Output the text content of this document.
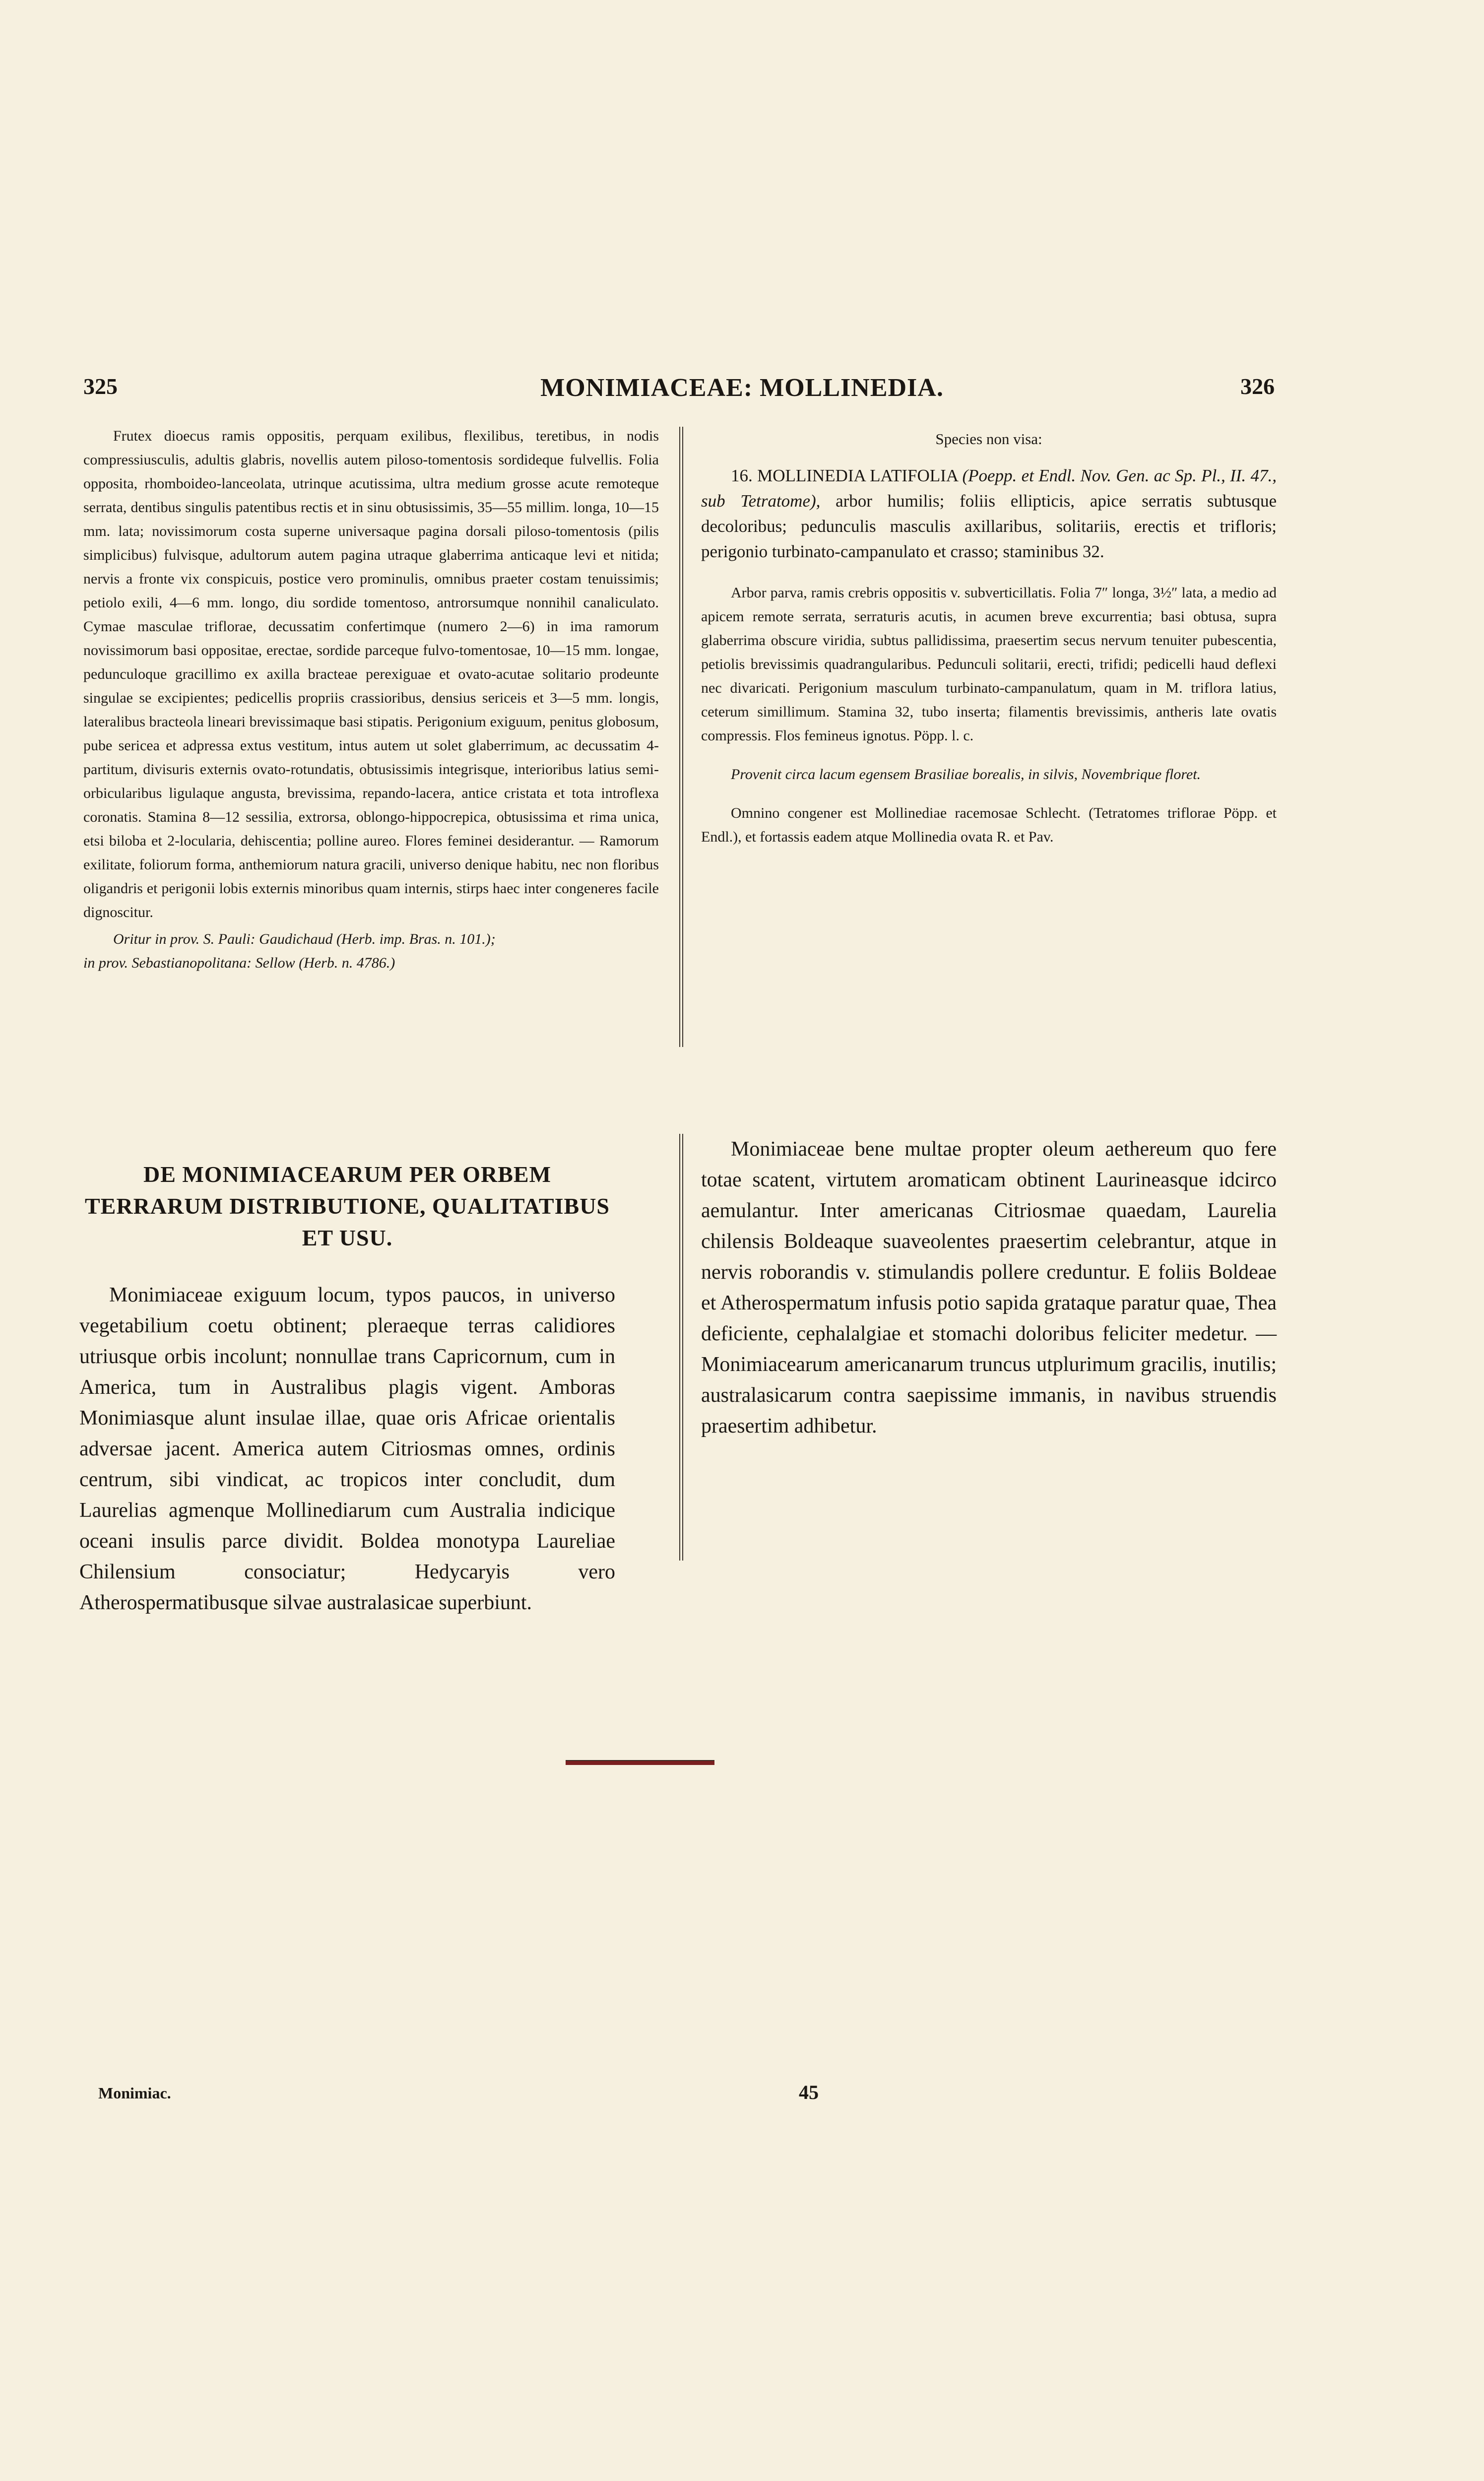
325	MONIMIACEAE: MOLLINEDIA.	326

Frutex dioecus ramis oppositis, perquam exilibus, flexilibus, teretibus, in nodis compressiusculis, adultis glabris, novellis autem piloso-tomentosis sordideque fulvellis. Folia opposita, rhomboideo-lanceolata, utrinque acutissima, ultra medium grosse acute remoteque serrata, dentibus singulis patentibus rectis et in sinu obtusissimis, 35—55 millim. longa, 10—15 mm. lata; novissimorum costa superne universaque pagina dorsali piloso-tomentosis (pilis simplicibus) fulvisque, adultorum autem pagina utraque glaberrima anticaque levi et nitida; nervis a fronte vix conspicuis, postice vero prominulis, omnibus praeter costam tenuissimis; petiolo exili, 4—6 mm. longo, diu sordide tomentoso, antrorsumque nonnihil canaliculato. Cymae masculae triflorae, decussatim confertimque (numero 2—6) in ima ramorum novissimorum basi oppositae, erectae, sordide parceque fulvo-tomentosae, 10—15 mm. longae, pedunculoque gracillimo ex axilla bracteae perexiguae et ovato-acutae solitario prodeunte singulae se excipientes; pedicellis propriis crassioribus, densius sericeis et 3—5 mm. longis, lateralibus bracteola lineari brevissimaque basi stipatis. Perigonium exiguum, penitus globosum, pube sericea et adpressa extus vestitum, intus autem ut solet glaberrimum, ac decussatim 4-partitum, divisuris externis ovato-rotundatis, obtusissimis integrisque, interioribus latius semi-orbicularibus ligulaque angusta, brevissima, repando-lacera, antice cristata et tota introflexa coronatis. Stamina 8—12 sessilia, extrorsa, oblongo-hippocrepica, obtusissima et rima unica, etsi biloba et 2-locularia, dehiscentia; polline aureo. Flores feminei desiderantur. — Ramorum exilitate, foliorum forma, anthemiorum natura gracili, universo denique habitu, nec non floribus oligandris et perigonii lobis externis minoribus quam internis, stirps haec inter congeneres facile dignoscitur.

Oritur in prov. S. Pauli: Gaudichaud (Herb. imp. Bras. n. 101.);

in prov. Sebastianopolitana: Sellow (Herb. n. 4786.)

Species non visa:

16. MOLLINEDIA LATIFOLIA (Poepp. et Endl. Nov. Gen. ac Sp. Pl., II. 47., sub Tetratome), arbor humilis; foliis ellipticis, apice serratis subtusque decoloribus; pedunculis masculis axillaribus, solitariis, erectis et trifloris; perigonio turbinato-campanulato et crasso; staminibus 32.

Arbor parva, ramis crebris oppositis v. subverticillatis. Folia 7″ longa, 3½″ lata, a medio ad apicem remote serrata, serraturis acutis, in acumen breve excurrentia; basi obtusa, supra glaberrima obscure viridia, subtus pallidissima, praesertim secus nervum tenuiter pubescentia, petiolis brevissimis quadrangularibus. Pedunculi solitarii, erecti, trifidi; pedicelli haud deflexi nec divaricati. Perigonium masculum turbinato-campanulatum, quam in M. triflora latius, ceterum simillimum. Stamina 32, tubo inserta; filamentis brevissimis, antheris late ovatis compressis. Flos femineus ignotus. Pöpp. l. c.

Provenit circa lacum egensem Brasiliae borealis, in silvis, Novembrique floret.

Omnino congener est Mollinediae racemosae Schlecht. (Tetratomes triflorae Pöpp. et Endl.), et fortassis eadem atque Mollinedia ovata R. et Pav.

DE MONIMIACEARUM PER ORBEM TERRARUM DISTRIBUTIONE, QUALITATIBUS ET USU.

Monimiaceae exiguum locum, typos paucos, in universo vegetabilium coetu obtinent; pleraeque terras calidiores utriusque orbis incolunt; nonnullae trans Capricornum, cum in America, tum in Australibus plagis vigent. Amboras Monimiasque alunt insulae illae, quae oris Africae orientalis adversae jacent. America autem Citriosmas omnes, ordinis centrum, sibi vindicat, ac tropicos inter concludit, dum Laurelias agmenque Mollinediarum cum Australia indicique oceani insulis parce dividit. Boldea monotypa Laureliae Chilensium consociatur; Hedycaryis vero Atherospermatibusque silvae australasicae superbiunt.

Monimiaceae bene multae propter oleum aethereum quo fere totae scatent, virtutem aromaticam obtinent Laurineasque idcirco aemulantur. Inter americanas Citriosmae quaedam, Laurelia chilensis Boldeaque suaveolentes praesertim celebrantur, atque in nervis roborandis v. stimulandis pollere creduntur. E foliis Boldeae et Atherospermatum infusis potio sapida grataque paratur quae, Thea deficiente, cephalalgiae et stomachi doloribus feliciter medetur. — Monimiacearum americanarum truncus utplurimum gracilis, inutilis; australasicarum contra saepissime immanis, in navibus struendis praesertim adhibetur.

Monimiac.	45
